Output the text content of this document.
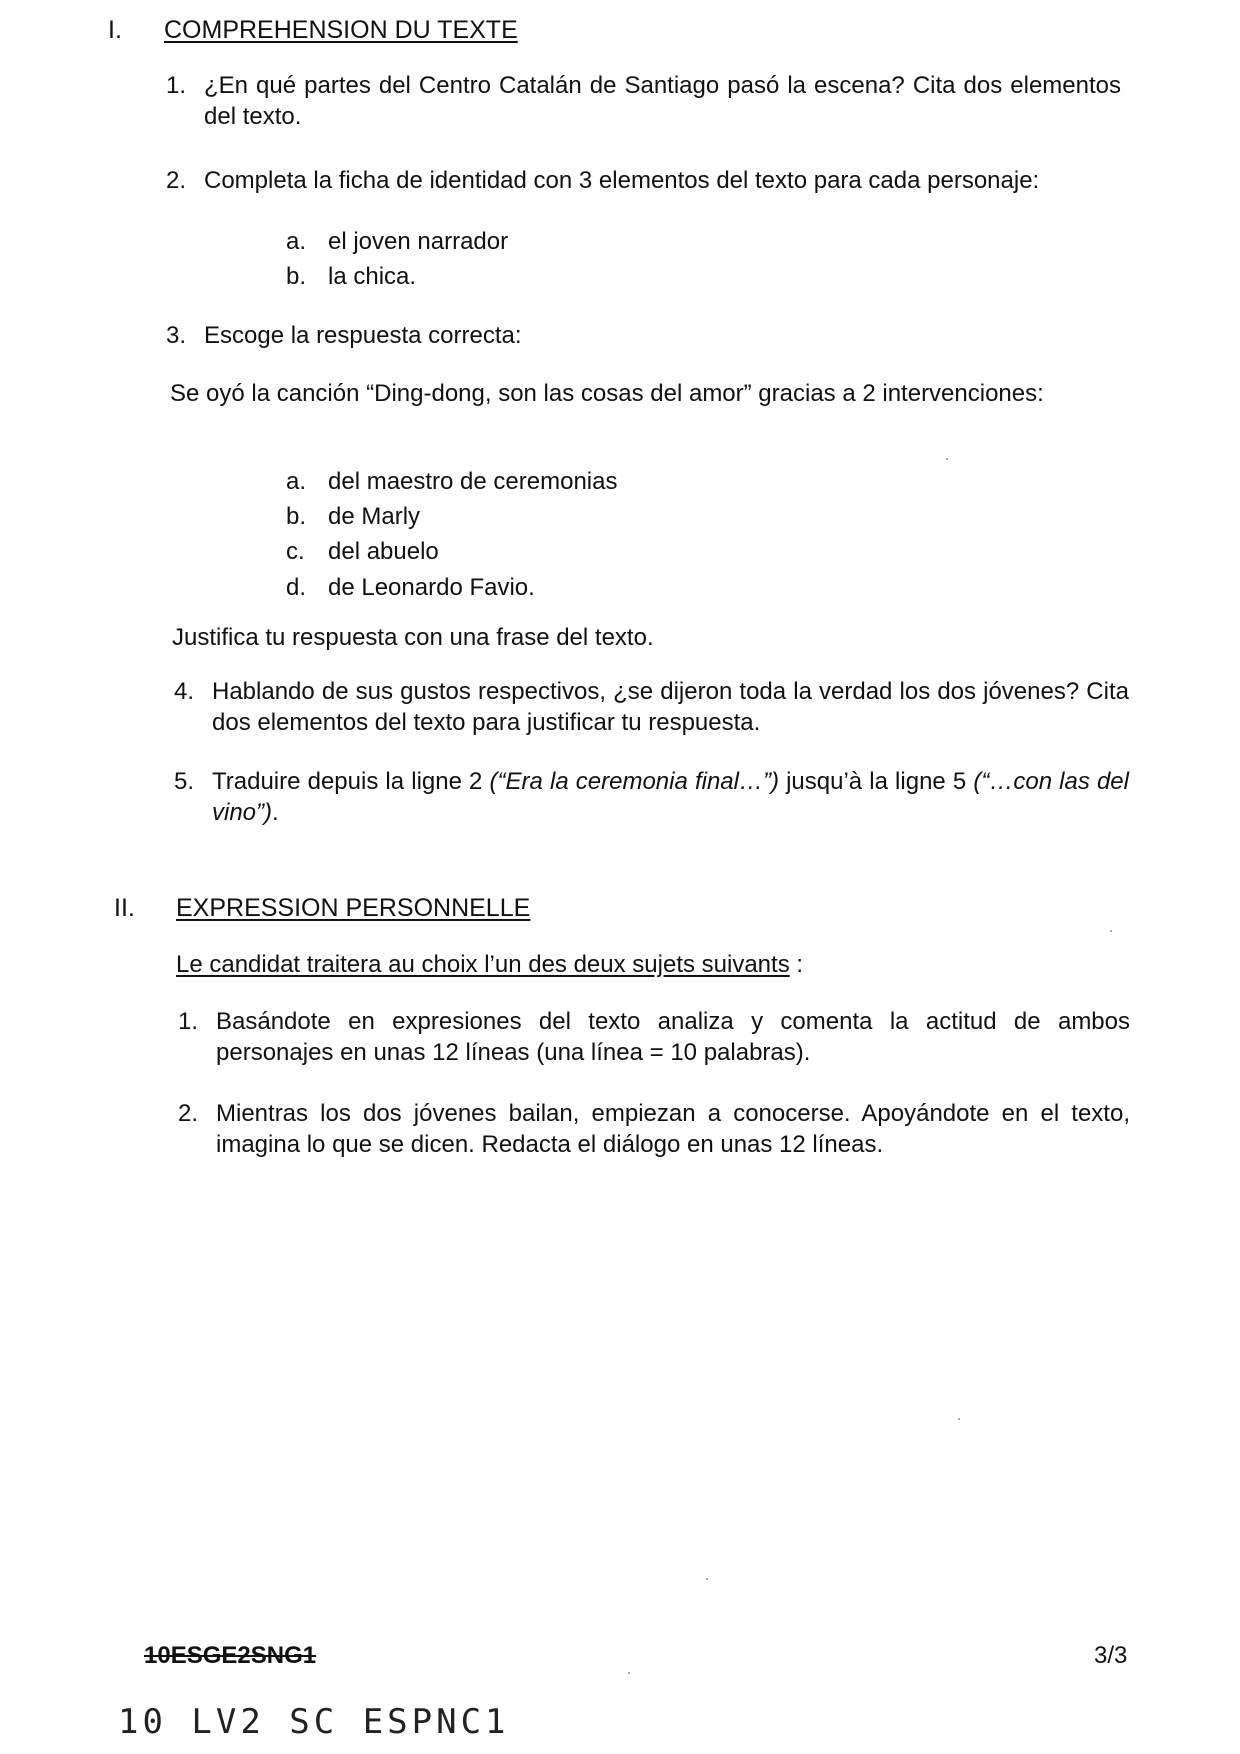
I. COMPREHENSION DU TEXTE
1. ¿En qué partes del Centro Catalán de Santiago pasó la escena? Cita dos elementos del texto.
2. Completa la ficha de identidad con 3 elementos del texto para cada personaje:
a. el joven narrador
b. la chica.
3. Escoge la respuesta correcta:
Se oyó la canción “Ding-dong, son las cosas del amor” gracias a 2 intervenciones:
a. del maestro de ceremonias
b. de Marly
c. del abuelo
d. de Leonardo Favio.
Justifica tu respuesta con una frase del texto.
4. Hablando de sus gustos respectivos, ¿se dijeron toda la verdad los dos jóvenes? Cita dos elementos del texto para justificar tu respuesta.
5. Traduire depuis la ligne 2 (“Era la ceremonia final…”) jusqu’à la ligne 5 (“…con las del vino”).
II. EXPRESSION PERSONNELLE
Le candidat traitera au choix l’un des deux sujets suivants :
1. Basándote en expresiones del texto analiza y comenta la actitud de ambos personajes en unas 12 líneas (una línea = 10 palabras).
2. Mientras los dos jóvenes bailan, empiezan a conocerse. Apoyándote en el texto, imagina lo que se dicen. Redacta el diálogo en unas 12 líneas.
10ESGE2SNG1	3/3
10 LV2 SC ESPNC1
